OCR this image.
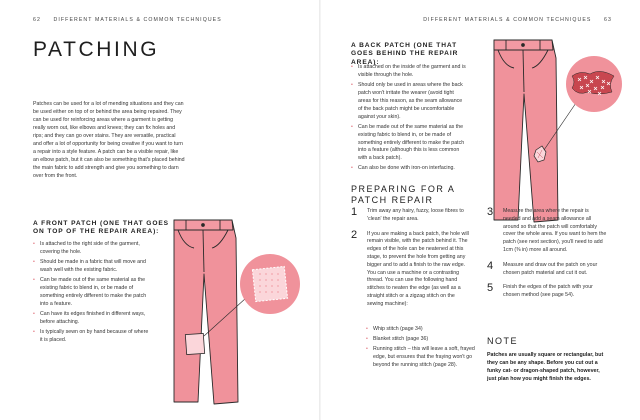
62 DIFFERENT MATERIALS & COMMON TECHNIQUES	DIFFERENT MATERIALS & COMMON TECHNIQUES 63
PATCHING

Patches can be used for a lot of mending situations and they can be used either on top of or behind the area being repaired. They can be used for reinforcing areas where a garment is getting really worn out, like elbows and knees; they can fix holes and rips; and they can go over stains. They are versatile, practical and offer a lot of opportunity for being creative if you want to turn a repair into a style feature. A patch can be a visible repair, like an elbow patch, but it can also be something that's placed behind the main fabric to add strength and give you something to darn over from the front.

A FRONT PATCH (ONE THAT GOES ON TOP OF THE REPAIR AREA):
• Is attached to the right side of the garment, covering the hole.
• Should be made in a fabric that will move and wash well with the existing fabric.
• Can be made out of the same material as the existing fabric to blend in, or be made of something entirely different to make the patch into a feature.
• Can have its edges finished in different ways, before attaching.
• Is typically sewn on by hand because of where it is placed.
A BACK PATCH (ONE THAT GOES BEHIND THE REPAIR AREA):
• Is attached on the inside of the garment and is visible through the hole.
• Should only be used in areas where the back patch won't irritate the wearer (avoid tight areas for this reason, as the seam allowance of the back patch might be uncomfortable against your skin).
• Can be made out of the same material as the existing fabric to blend in, or be made of something entirely different to make the patch into a feature (although this is less common with a back patch).
• Can also be done with iron-on interfacing.
PREPARING FOR A PATCH REPAIR
1 Trim away any hairy, fuzzy, loose fibres to 'clean' the repair area.

2 If you are making a back patch, the hole will remain visible, with the patch behind it. The edges of the hole can be neatened at this stage, to prevent the hole from getting any bigger and to add a finish to the raw edge. You can use a machine or a contrasting thread. You can use the following hand stitches to neaten the edge (as well as a straight stitch or a zigzag stitch on the sewing machine):

• Whip stitch (page 34)
• Blanket stitch (page 36)
• Running stitch – this will leave a soft, frayed edge, but ensures that the fraying won't go beyond the running stitch (page 28).
3 Measure the area where the repair is needed and add a seam allowance all around so that the patch will comfortably cover the whole area. If you want to hem the patch (see next section), you'll need to add 1cm (⅜ in) more all around.

4 Measure and draw out the patch on your chosen patch material and cut it out.

5 Finish the edges of the patch with your chosen method (see page 54).

NOTE

Patches are usually square or rectangular, but they can be any shape. Before you cut out a funky cat- or dragon-shaped patch, however, just plan how you might finish the edges.
